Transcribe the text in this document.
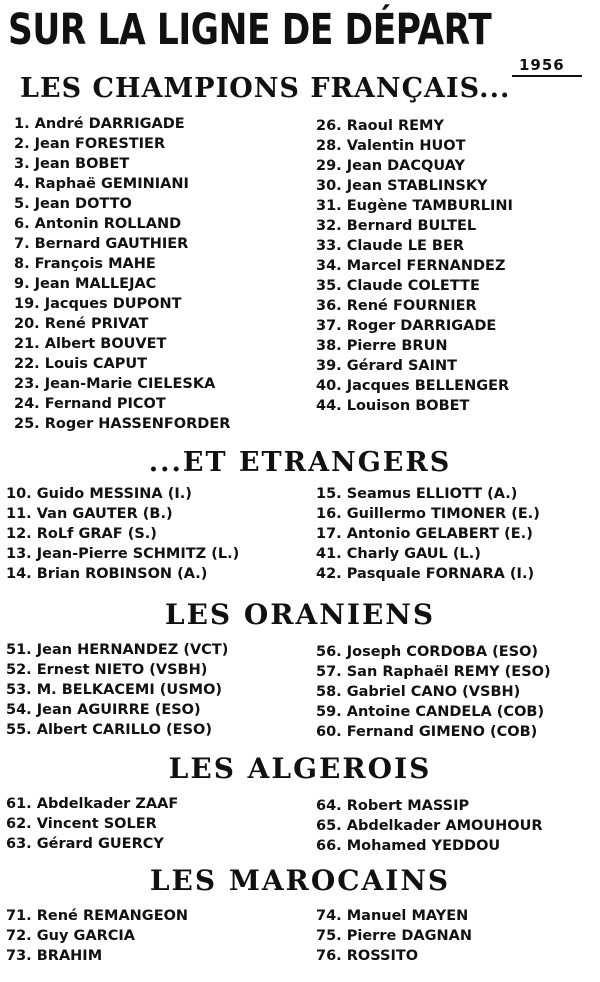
SUR LA LIGNE DE DÉPART
1956
LES CHAMPIONS FRANÇAIS...
1. André DARRIGADE
2. Jean FORESTIER
3. Jean BOBET
4. Raphaë GEMINIANI
5. Jean DOTTO
6. Antonin ROLLAND
7. Bernard GAUTHIER
8. François MAHE
9. Jean MALLEJAC
19. Jacques DUPONT
20. René PRIVAT
21. Albert BOUVET
22. Louis CAPUT
23. Jean-Marie CIELESKA
24. Fernand PICOT
25. Roger HASSENFORDER
26. Raoul REMY
28. Valentin HUOT
29. Jean DACQUAY
30. Jean STABLINSKY
31. Eugène TAMBURLINI
32. Bernard BULTEL
33. Claude LE BER
34. Marcel FERNANDEZ
35. Claude COLETTE
36. René FOURNIER
37. Roger DARRIGADE
38. Pierre BRUN
39. Gérard SAINT
40. Jacques BELLENGER
44. Louison BOBET
...ET ETRANGERS
10. Guido MESSINA (I.)
11. Van GAUTER (B.)
12. RoLf GRAF (S.)
13. Jean-Pierre SCHMITZ (L.)
14. Brian ROBINSON (A.)
15. Seamus ELLIOTT (A.)
16. Guillermo TIMONER (E.)
17. Antonio GELABERT (E.)
41. Charly GAUL (L.)
42. Pasquale FORNARA (I.)
LES ORANIENS
51. Jean HERNANDEZ (VCT)
52. Ernest NIETO (VSBH)
53. M. BELKACEMI (USMO)
54. Jean AGUIRRE (ESO)
55. Albert CARILLO (ESO)
56. Joseph CORDOBA (ESO)
57. San Raphaël REMY (ESO)
58. Gabriel CANO (VSBH)
59. Antoine CANDELA (COB)
60. Fernand GIMENO (COB)
LES ALGEROIS
61. Abdelkader ZAAF
62. Vincent SOLER
63. Gérard GUERCY
64. Robert MASSIP
65. Abdelkader AMOUHOUR
66. Mohamed YEDDOU
LES MAROCAINS
71. René REMANGEON
72. Guy GARCIA
73. BRAHIM
74. Manuel MAYEN
75. Pierre DAGNAN
76. ROSSITO
